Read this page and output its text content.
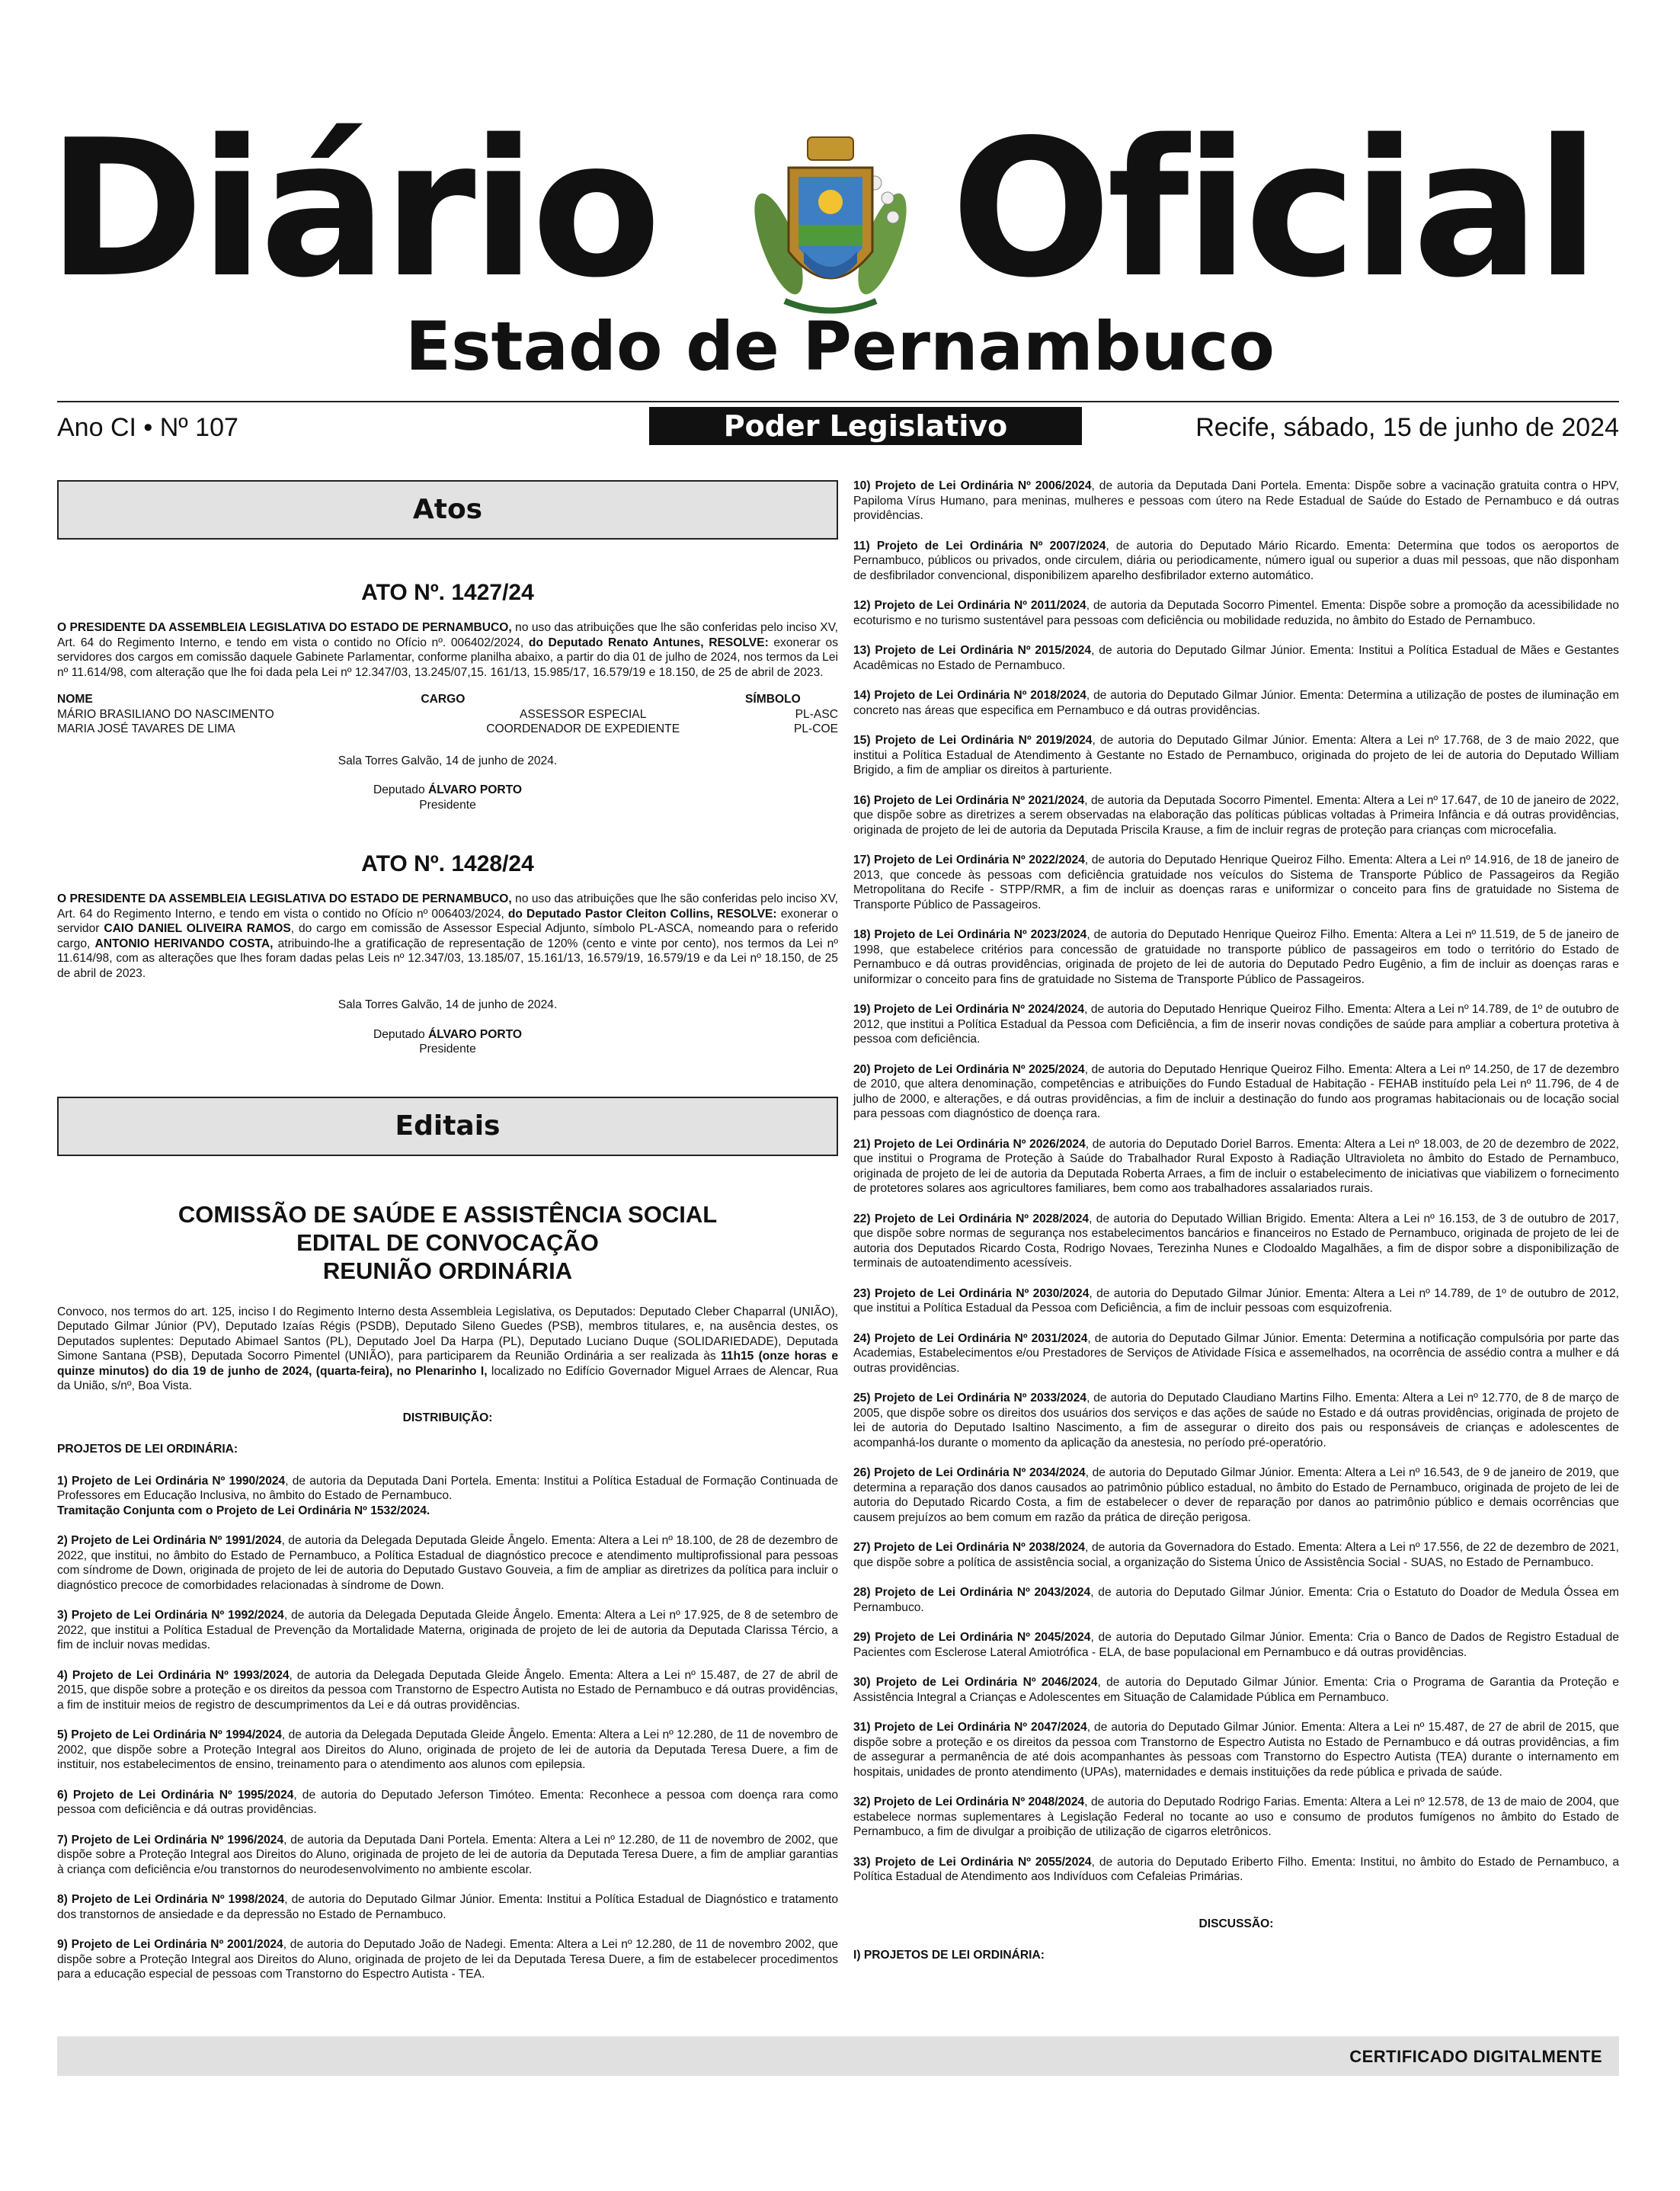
Diário Oficial
Estado de Pernambuco
Ano CI • Nº 107	Poder Legislativo	Recife, sábado, 15 de junho de 2024
Atos
ATO Nº. 1427/24

O PRESIDENTE DA ASSEMBLEIA LEGISLATIVA DO ESTADO DE PERNAMBUCO, no uso das atribuições que lhe são conferidas pelo inciso XV, Art. 64 do Regimento Interno, e tendo em vista o contido no Ofício nº. 006402/2024, do Deputado Renato Antunes, RESOLVE: exonerar os servidores dos cargos em comissão daquele Gabinete Parlamentar, conforme planilha abaixo, a partir do dia 01 de julho de 2024, nos termos da Lei nº 11.614/98, com alteração que lhe foi dada pela Lei nº 12.347/03, 13.245/07,15. 161/13, 15.985/17, 16.579/19 e 18.150, de 25 de abril de 2023.

NOME	CARGO	SÍMBOLO
MÁRIO BRASILIANO DO NASCIMENTO	ASSESSOR ESPECIAL	PL-ASC
MARIA JOSÉ TAVARES DE LIMA	COORDENADOR DE EXPEDIENTE	PL-COE

Sala Torres Galvão, 14 de junho de 2024.

Deputado ÁLVARO PORTO

Presidente

ATO Nº. 1428/24

O PRESIDENTE DA ASSEMBLEIA LEGISLATIVA DO ESTADO DE PERNAMBUCO, no uso das atribuições que lhe são conferidas pelo inciso XV, Art. 64 do Regimento Interno, e tendo em vista o contido no Ofício nº 006403/2024, do Deputado Pastor Cleiton Collins, RESOLVE: exonerar o servidor CAIO DANIEL OLIVEIRA RAMOS, do cargo em comissão de Assessor Especial Adjunto, símbolo PL-ASCA, nomeando para o referido cargo, ANTONIO HERIVANDO COSTA, atribuindo-lhe a gratificação de representação de 120% (cento e vinte por cento), nos termos da Lei nº 11.614/98, com as alterações que lhes foram dadas pelas Leis nº 12.347/03, 13.185/07, 15.161/13, 16.579/19, 16.579/19 e da Lei nº 18.150, de 25 de abril de 2023.

Sala Torres Galvão, 14 de junho de 2024.

Deputado ÁLVARO PORTO

Presidente

Editais
COMISSÃO DE SAÚDE E ASSISTÊNCIA SOCIAL
EDITAL DE CONVOCAÇÃO
REUNIÃO ORDINÁRIA

Convoco, nos termos do art. 125, inciso I do Regimento Interno desta Assembleia Legislativa, os Deputados: Deputado Cleber Chaparral (UNIÃO), Deputado Gilmar Júnior (PV), Deputado Izaías Régis (PSDB), Deputado Sileno Guedes (PSB), membros titulares, e, na ausência destes, os Deputados suplentes: Deputado Abimael Santos (PL), Deputado Joel Da Harpa (PL), Deputado Luciano Duque (SOLIDARIEDADE), Deputada Simone Santana (PSB), Deputada Socorro Pimentel (UNIÃO), para participarem da Reunião Ordinária a ser realizada às 11h15 (onze horas e quinze minutos) do dia 19 de junho de 2024, (quarta-feira), no Plenarinho I, localizado no Edifício Governador Miguel Arraes de Alencar, Rua da União, s/nº, Boa Vista.

DISTRIBUIÇÃO:

PROJETOS DE LEI ORDINÁRIA:

1) Projeto de Lei Ordinária Nº 1990/2024, de autoria da Deputada Dani Portela. Ementa: Institui a Política Estadual de Formação Continuada de Professores em Educação Inclusiva, no âmbito do Estado de Pernambuco.
Tramitação Conjunta com o Projeto de Lei Ordinária Nº 1532/2024.

2) Projeto de Lei Ordinária Nº 1991/2024, de autoria da Delegada Deputada Gleide Ângelo. Ementa: Altera a Lei nº 18.100, de 28 de dezembro de 2022, que institui, no âmbito do Estado de Pernambuco, a Política Estadual de diagnóstico precoce e atendimento multiprofissional para pessoas com síndrome de Down, originada de projeto de lei de autoria do Deputado Gustavo Gouveia, a fim de ampliar as diretrizes da política para incluir o diagnóstico precoce de comorbidades relacionadas à síndrome de Down.

3) Projeto de Lei Ordinária Nº 1992/2024, de autoria da Delegada Deputada Gleide Ângelo. Ementa: Altera a Lei nº 17.925, de 8 de setembro de 2022, que institui a Política Estadual de Prevenção da Mortalidade Materna, originada de projeto de lei de autoria da Deputada Clarissa Tércio, a fim de incluir novas medidas.

4) Projeto de Lei Ordinária Nº 1993/2024, de autoria da Delegada Deputada Gleide Ângelo. Ementa: Altera a Lei nº 15.487, de 27 de abril de 2015, que dispõe sobre a proteção e os direitos da pessoa com Transtorno de Espectro Autista no Estado de Pernambuco e dá outras providências, a fim de instituir meios de registro de descumprimentos da Lei e dá outras providências.

5) Projeto de Lei Ordinária Nº 1994/2024, de autoria da Delegada Deputada Gleide Ângelo. Ementa: Altera a Lei nº 12.280, de 11 de novembro de 2002, que dispõe sobre a Proteção Integral aos Direitos do Aluno, originada de projeto de lei de autoria da Deputada Teresa Duere, a fim de instituir, nos estabelecimentos de ensino, treinamento para o atendimento aos alunos com epilepsia.

6) Projeto de Lei Ordinária Nº 1995/2024, de autoria do Deputado Jeferson Timóteo. Ementa: Reconhece a pessoa com doença rara como pessoa com deficiência e dá outras providências.

7) Projeto de Lei Ordinária Nº 1996/2024, de autoria da Deputada Dani Portela. Ementa: Altera a Lei nº 12.280, de 11 de novembro de 2002, que dispõe sobre a Proteção Integral aos Direitos do Aluno, originada de projeto de lei de autoria da Deputada Teresa Duere, a fim de ampliar garantias à criança com deficiência e/ou transtornos do neurodesenvolvimento no ambiente escolar.

8) Projeto de Lei Ordinária Nº 1998/2024, de autoria do Deputado Gilmar Júnior. Ementa: Institui a Política Estadual de Diagnóstico e tratamento dos transtornos de ansiedade e da depressão no Estado de Pernambuco.

9) Projeto de Lei Ordinária Nº 2001/2024, de autoria do Deputado João de Nadegi. Ementa: Altera a Lei nº 12.280, de 11 de novembro 2002, que dispõe sobre a Proteção Integral aos Direitos do Aluno, originada de projeto de lei da Deputada Teresa Duere, a fim de estabelecer procedimentos para a educação especial de pessoas com Transtorno do Espectro Autista - TEA.

10) Projeto de Lei Ordinária Nº 2006/2024, de autoria da Deputada Dani Portela. Ementa: Dispõe sobre a vacinação gratuita contra o HPV, Papiloma Vírus Humano, para meninas, mulheres e pessoas com útero na Rede Estadual de Saúde do Estado de Pernambuco e dá outras providências.

11) Projeto de Lei Ordinária Nº 2007/2024, de autoria do Deputado Mário Ricardo. Ementa: Determina que todos os aeroportos de Pernambuco, públicos ou privados, onde circulem, diária ou periodicamente, número igual ou superior a duas mil pessoas, que não disponham de desfibrilador convencional, disponibilizem aparelho desfibrilador externo automático.

12) Projeto de Lei Ordinária Nº 2011/2024, de autoria da Deputada Socorro Pimentel. Ementa: Dispõe sobre a promoção da acessibilidade no ecoturismo e no turismo sustentável para pessoas com deficiência ou mobilidade reduzida, no âmbito do Estado de Pernambuco.

13) Projeto de Lei Ordinária Nº 2015/2024, de autoria do Deputado Gilmar Júnior. Ementa: Institui a Política Estadual de Mães e Gestantes Acadêmicas no Estado de Pernambuco.

14) Projeto de Lei Ordinária Nº 2018/2024, de autoria do Deputado Gilmar Júnior. Ementa: Determina a utilização de postes de iluminação em concreto nas áreas que especifica em Pernambuco e dá outras providências.

15) Projeto de Lei Ordinária Nº 2019/2024, de autoria do Deputado Gilmar Júnior. Ementa: Altera a Lei nº 17.768, de 3 de maio 2022, que institui a Política Estadual de Atendimento à Gestante no Estado de Pernambuco, originada do projeto de lei de autoria do Deputado William Brigido, a fim de ampliar os direitos à parturiente.

16) Projeto de Lei Ordinária Nº 2021/2024, de autoria da Deputada Socorro Pimentel. Ementa: Altera a Lei nº 17.647, de 10 de janeiro de 2022, que dispõe sobre as diretrizes a serem observadas na elaboração das políticas públicas voltadas à Primeira Infância e dá outras providências, originada de projeto de lei de autoria da Deputada Priscila Krause, a fim de incluir regras de proteção para crianças com microcefalia.

17) Projeto de Lei Ordinária Nº 2022/2024, de autoria do Deputado Henrique Queiroz Filho. Ementa: Altera a Lei nº 14.916, de 18 de janeiro de 2013, que concede às pessoas com deficiência gratuidade nos veículos do Sistema de Transporte Público de Passageiros da Região Metropolitana do Recife - STPP/RMR, a fim de incluir as doenças raras e uniformizar o conceito para fins de gratuidade no Sistema de Transporte Público de Passageiros.

18) Projeto de Lei Ordinária Nº 2023/2024, de autoria do Deputado Henrique Queiroz Filho. Ementa: Altera a Lei nº 11.519, de 5 de janeiro de 1998, que estabelece critérios para concessão de gratuidade no transporte público de passageiros em todo o território do Estado de Pernambuco e dá outras providências, originada de projeto de lei de autoria do Deputado Pedro Eugênio, a fim de incluir as doenças raras e uniformizar o conceito para fins de gratuidade no Sistema de Transporte Público de Passageiros.

19) Projeto de Lei Ordinária Nº 2024/2024, de autoria do Deputado Henrique Queiroz Filho. Ementa: Altera a Lei nº 14.789, de 1º de outubro de 2012, que institui a Política Estadual da Pessoa com Deficiência, a fim de inserir novas condições de saúde para ampliar a cobertura protetiva à pessoa com deficiência.

20) Projeto de Lei Ordinária Nº 2025/2024, de autoria do Deputado Henrique Queiroz Filho. Ementa: Altera a Lei nº 14.250, de 17 de dezembro de 2010, que altera denominação, competências e atribuições do Fundo Estadual de Habitação - FEHAB instituído pela Lei nº 11.796, de 4 de julho de 2000, e alterações, e dá outras providências, a fim de incluir a destinação do fundo aos programas habitacionais ou de locação social para pessoas com diagnóstico de doença rara.

21) Projeto de Lei Ordinária Nº 2026/2024, de autoria do Deputado Doriel Barros. Ementa: Altera a Lei nº 18.003, de 20 de dezembro de 2022, que institui o Programa de Proteção à Saúde do Trabalhador Rural Exposto à Radiação Ultravioleta no âmbito do Estado de Pernambuco, originada de projeto de lei de autoria da Deputada Roberta Arraes, a fim de incluir o estabelecimento de iniciativas que viabilizem o fornecimento de protetores solares aos agricultores familiares, bem como aos trabalhadores assalariados rurais.

22) Projeto de Lei Ordinária Nº 2028/2024, de autoria do Deputado Willian Brigido. Ementa: Altera a Lei nº 16.153, de 3 de outubro de 2017, que dispõe sobre normas de segurança nos estabelecimentos bancários e financeiros no Estado de Pernambuco, originada de projeto de lei de autoria dos Deputados Ricardo Costa, Rodrigo Novaes, Terezinha Nunes e Clodoaldo Magalhães, a fim de dispor sobre a disponibilização de terminais de autoatendimento acessíveis.

23) Projeto de Lei Ordinária Nº 2030/2024, de autoria do Deputado Gilmar Júnior. Ementa: Altera a Lei nº 14.789, de 1º de outubro de 2012, que institui a Política Estadual da Pessoa com Deficiência, a fim de incluir pessoas com esquizofrenia.

24) Projeto de Lei Ordinária Nº 2031/2024, de autoria do Deputado Gilmar Júnior. Ementa: Determina a notificação compulsória por parte das Academias, Estabelecimentos e/ou Prestadores de Serviços de Atividade Física e assemelhados, na ocorrência de assédio contra a mulher e dá outras providências.

25) Projeto de Lei Ordinária Nº 2033/2024, de autoria do Deputado Claudiano Martins Filho. Ementa: Altera a Lei nº 12.770, de 8 de março de 2005, que dispõe sobre os direitos dos usuários dos serviços e das ações de saúde no Estado e dá outras providências, originada de projeto de lei de autoria do Deputado Isaltino Nascimento, a fim de assegurar o direito dos pais ou responsáveis de crianças e adolescentes de acompanhá-los durante o momento da aplicação da anestesia, no período pré-operatório.

26) Projeto de Lei Ordinária Nº 2034/2024, de autoria do Deputado Gilmar Júnior. Ementa: Altera a Lei nº 16.543, de 9 de janeiro de 2019, que determina a reparação dos danos causados ao patrimônio público estadual, no âmbito do Estado de Pernambuco, originada de projeto de lei de autoria do Deputado Ricardo Costa, a fim de estabelecer o dever de reparação por danos ao patrimônio público e demais ocorrências que causem prejuízos ao bem comum em razão da prática de direção perigosa.

27) Projeto de Lei Ordinária Nº 2038/2024, de autoria da Governadora do Estado. Ementa: Altera a Lei nº 17.556, de 22 de dezembro de 2021, que dispõe sobre a política de assistência social, a organização do Sistema Único de Assistência Social - SUAS, no Estado de Pernambuco.

28) Projeto de Lei Ordinária Nº 2043/2024, de autoria do Deputado Gilmar Júnior. Ementa: Cria o Estatuto do Doador de Medula Óssea em Pernambuco.

29) Projeto de Lei Ordinária Nº 2045/2024, de autoria do Deputado Gilmar Júnior. Ementa: Cria o Banco de Dados de Registro Estadual de Pacientes com Esclerose Lateral Amiotrófica - ELA, de base populacional em Pernambuco e dá outras providências.

30) Projeto de Lei Ordinária Nº 2046/2024, de autoria do Deputado Gilmar Júnior. Ementa: Cria o Programa de Garantia da Proteção e Assistência Integral a Crianças e Adolescentes em Situação de Calamidade Pública em Pernambuco.

31) Projeto de Lei Ordinária Nº 2047/2024, de autoria do Deputado Gilmar Júnior. Ementa: Altera a Lei nº 15.487, de 27 de abril de 2015, que dispõe sobre a proteção e os direitos da pessoa com Transtorno de Espectro Autista no Estado de Pernambuco e dá outras providências, a fim de assegurar a permanência de até dois acompanhantes às pessoas com Transtorno do Espectro Autista (TEA) durante o internamento em hospitais, unidades de pronto atendimento (UPAs), maternidades e demais instituições da rede pública e privada de saúde.

32) Projeto de Lei Ordinária Nº 2048/2024, de autoria do Deputado Rodrigo Farias. Ementa: Altera a Lei nº 12.578, de 13 de maio de 2004, que estabelece normas suplementares à Legislação Federal no tocante ao uso e consumo de produtos fumígenos no âmbito do Estado de Pernambuco, a fim de divulgar a proibição de utilização de cigarros eletrônicos.

33) Projeto de Lei Ordinária Nº 2055/2024, de autoria do Deputado Eriberto Filho. Ementa: Institui, no âmbito do Estado de Pernambuco, a Política Estadual de Atendimento aos Indivíduos com Cefaleias Primárias.

DISCUSSÃO:

I) PROJETOS DE LEI ORDINÁRIA:

CERTIFICADO DIGITALMENTE
